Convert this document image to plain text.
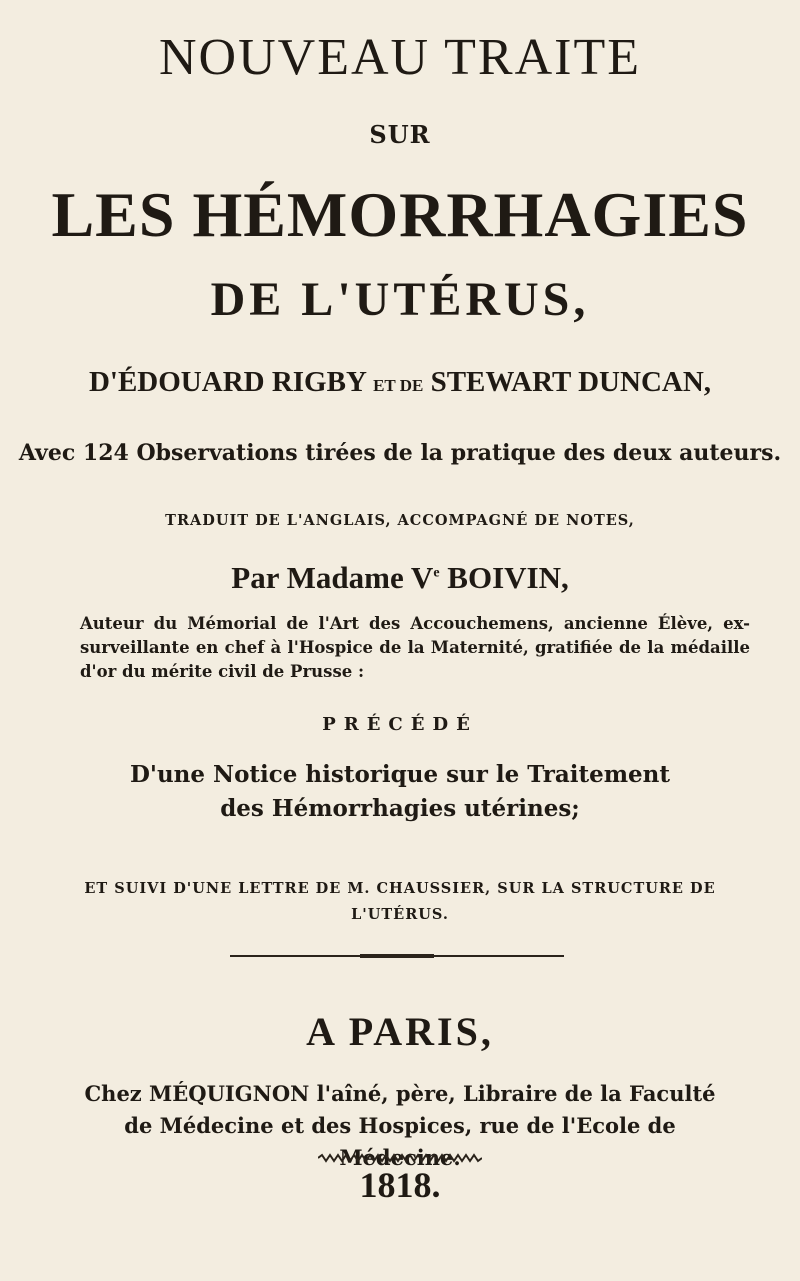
NOUVEAU TRAITE
SUR
LES HÉMORRHAGIES
DE L'UTÉRUS,
D'ÉDOUARD RIGBY ET DE STEWART DUNCAN,
Avec 124 Observations tirées de la pratique des deux auteurs.
TRADUIT DE L'ANGLAIS, ACCOMPAGNÉ DE NOTES,
Par Madame Ve BOIVIN,
Auteur du Mémorial de l'Art des Accouchemens, ancienne Élève, ex-surveillante en chef à l'Hospice de la Maternité, gratifiée de la médaille d'or du mérite civil de Prusse :
PRÉCÉDÉ
D'une Notice historique sur le Traitement des Hémorrhagies utérines;
ET SUIVI D'UNE LETTRE DE M. CHAUSSIER, SUR LA STRUCTURE DE L'UTÉRUS.
A PARIS,
Chez MÉQUIGNON l'aîné, père, Libraire de la Faculté de Médecine et des Hospices, rue de l'Ecole de Médecine.
1818.
